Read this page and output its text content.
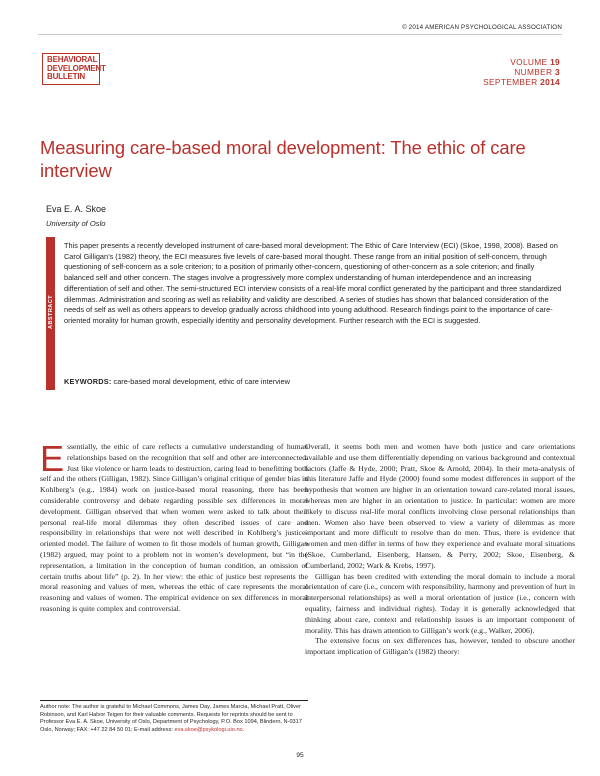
© 2014 AMERICAN PSYCHOLOGICAL ASSOCIATION
BEHAVIORAL
DEVELOPMENT
BULLETIN
VOLUME 19
NUMBER 3
SEPTEMBER 2014
Measuring care-based moral development: The ethic of care interview
Eva E. A. Skoe
University of Oslo
ABSTRACT

This paper presents a recently developed instrument of care-based moral development: The Ethic of Care Interview (ECI) (Skoe, 1998, 2008). Based on Carol Gilligan’s (1982) theory, the ECI measures five levels of care-based moral thought. These range from an initial position of self-concern, through questioning of self-concern as a sole criterion; to a position of primarily other-concern, questioning of other-concern as a sole criterion; and finally balanced self and other concern. The stages involve a progressively more complex understanding of human interdependence and an increasing differentiation of self and other. The semi-structured ECI interview consists of a real-life moral conflict generated by the participant and three standardized dilemmas. Administration and scoring as well as reliability and validity are described. A series of studies has shown that balanced consideration of the needs of self as well as others appears to develop gradually across childhood into young adulthood. Research findings point to the importance of care-oriented morality for human growth, especially identity and personality development. Further research with the ECI is suggested.

KEYWORDS: care-based moral development, ethic of care interview

Essentially, the ethic of care reflects a cumulative understanding of human relationships based on the recognition that self and other are interconnected. Just like violence or harm leads to destruction, caring lead to benefitting both self and the others (Gilligan, 1982). Since Gilligan’s original critique of gender bias in Kohlberg’s (e.g., 1984) work on justice-based moral reasoning, there has been considerable controversy and debate regarding possible sex differences in moral development. Gilligan observed that when women were asked to talk about their personal real-life moral dilemmas they often described issues of care and responsibility in relationships that were not well described in Kohlberg’s justice-oriented model. The failure of women to fit those models of human growth, Gilligan (1982) argued, may point to a problem not in women’s development, but “in the representation, a limitation in the conception of human condition, an omission of certain truths about life” (p. 2). In her view: the ethic of justice best represents the moral reasoning and values of men, whereas the ethic of care represents the moral reasoning and values of women. The empirical evidence on sex differences in moral reasoning is quite complex and controversial.

Overall, it seems both men and women have both justice and care orientations available and use them differentially depending on various background and contextual factors (Jaffe & Hyde, 2000; Pratt, Skoe & Arnold, 2004). In their meta-analysis of this literature Jaffe and Hyde (2000) found some modest differences in support of the hypothesis that women are higher in an orientation toward care-related moral issues, whereas men are higher in an orientation to justice. In particular: women are more likely to discuss real-life moral conflicts involving close personal relationships than men. Women also have been observed to view a variety of dilemmas as more important and more difficult to resolve than do men. Thus, there is evidence that women and men differ in terms of how they experience and evaluate moral situations (Skoe, Cumberland, Eisenberg, Hansen, & Perry, 2002; Skoe, Eisenberg, & Cumberland, 2002; Wark & Krebs, 1997).

Gilligan has been credited with extending the moral domain to include a moral orientation of care (i.e., concern with responsibility, harmony and prevention of hurt in interpersonal relationships) as well a moral orientation of justice (i.e., concern with equality, fairness and individual rights). Today it is generally acknowledged that thinking about care, context and relationship issues is an important component of morality. This has drawn attention to Gilligan’s work (e.g., Walker, 2006).

The extensive focus on sex differences has, however, tended to obscure another important implication of Gilligan’s (1982) theory:

Author note: The author is grateful to Michael Commons, James Day, James Marcia, Michael Pratt, Oliver Robinson, and Karl Halvor Teigen for their valuable comments. Requests for reprints should be sent to Professor Eva E. A. Skoe, University of Oslo, Department of Psychology, P.O. Box 1094, Blindern, N-0317 Oslo, Norway; FAX: +47 22 84 50 01; E-mail address: eva.skoe@psykologi.uio.no.
95
